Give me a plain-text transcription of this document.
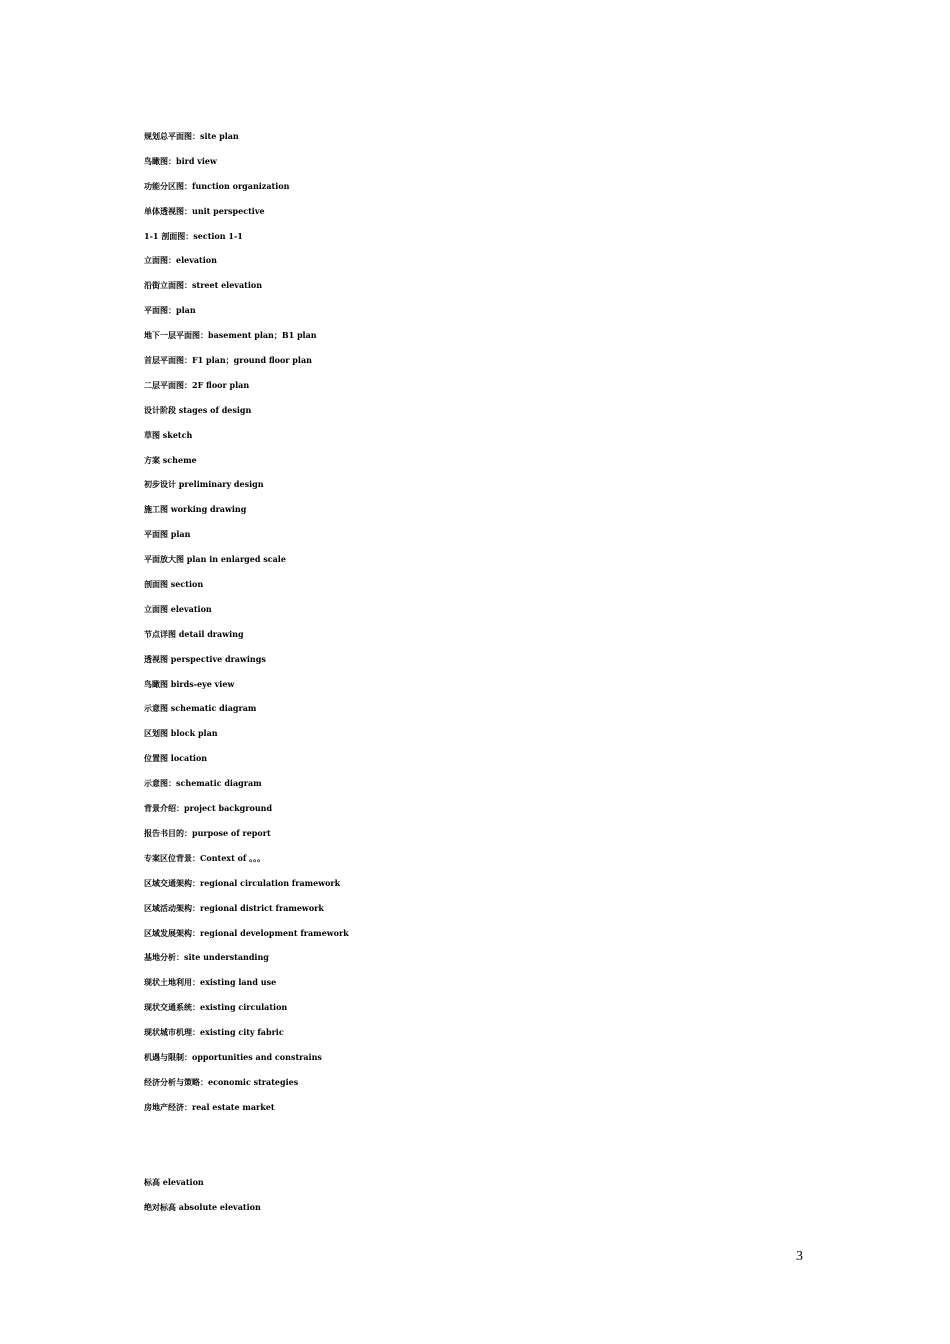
规划总平面图：site plan
鸟瞰图：bird view
功能分区图：function organization
单体透视图：unit perspective
1-1 剖面图：section 1-1
立面图：elevation
沿街立面图：street elevation
平面图：plan
地下一层平面图：basement plan；B1 plan
首层平面图：F1 plan；ground floor plan
二层平面图：2F floor plan
设计阶段 stages of design
草图 sketch
方案 scheme
初步设计 preliminary design
施工图 working drawing
平面图 plan
平面放大图 plan in enlarged scale
剖面图 section
立面图 elevation
节点详图 detail drawing
透视图 perspective drawings
鸟瞰图 birds-eye view
示意图 schematic diagram
区划图 block plan
位置图 location
示意图：schematic diagram
背景介绍：project background
报告书目的：purpose of report
专案区位背景：Context of 。。。
区域交通架构：regional circulation framework
区域活动架构：regional district framework
区域发展架构：regional development framework
基地分析：site understanding
现状土地利用：existing land use
现状交通系统：existing circulation
现状城市机理：existing city fabric
机遇与限制：opportunities and constrains
经济分析与策略：economic strategies
房地产经济：real estate market
标高 elevation
绝对标高 absolute elevation
3
